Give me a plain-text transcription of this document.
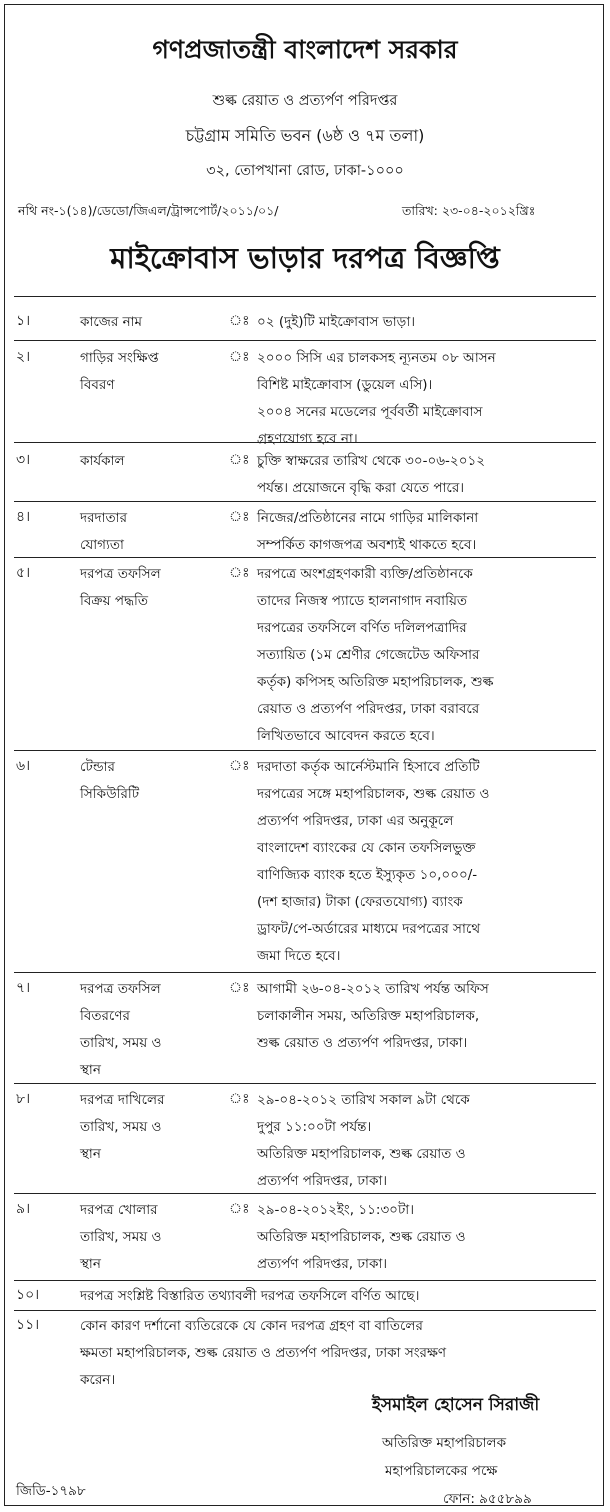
গণপ্রজাতন্ত্রী বাংলাদেশ সরকার
শুল্ক রেয়াত ও প্রত্যর্পণ পরিদপ্তর
চট্টগ্রাম সমিতি ভবন (৬ষ্ঠ ও ৭ম তলা)
৩২, তোপখানা রোড, ঢাকা-১০০০
নথি নং-১(১৪)/ডেডো/জিএল/ট্রান্সপোর্ট/২০১১/০১/	তারিখ: ২৩-০৪-২০১২খ্রিঃ
মাইক্রোবাস ভাড়ার দরপত্র বিজ্ঞপ্তি
১।	কাজের নাম	ঃ ০২ (দুই)টি মাইক্রোবাস ভাড়া।
২।	গাড়ির সংক্ষিপ্ত
বিবরণ
ঃ ২০০০ সিসি এর চালকসহ ন্যূনতম ০৮ আসন
বিশিষ্ট মাইক্রোবাস (ডুয়েল এসি)।
২০০৪ সনের মডেলের পূর্ববর্তী মাইক্রোবাস
গ্রহণযোগ্য হবে না।
৩।	কার্যকাল	ঃ চুক্তি স্বাক্ষরের তারিখ থেকে ৩০-০৬-২০১২
পর্যন্ত। প্রয়োজনে বৃদ্ধি করা যেতে পারে।
৪।	দরদাতার
যোগ্যতা
ঃ নিজের/প্রতিষ্ঠানের নামে গাড়ির মালিকানা
সম্পর্কিত কাগজপত্র অবশ্যই থাকতে হবে।
৫।	দরপত্র তফসিল
বিক্রয় পদ্ধতি
ঃ দরপত্রে অংশগ্রহণকারী ব্যক্তি/প্রতিষ্ঠানকে
তাদের নিজস্ব প্যাডে হালনাগাদ নবায়িত
দরপত্রের তফসিলে বর্ণিত দলিলপত্রাদির
সত্যায়িত (১ম শ্রেণীর গেজেটেড অফিসার
কর্তৃক) কপিসহ অতিরিক্ত মহাপরিচালক, শুল্ক
রেয়াত ও প্রত্যর্পণ পরিদপ্তর, ঢাকা বরাবরে
লিখিতভাবে আবেদন করতে হবে।
৬।	টেন্ডার
সিকিউরিটি
ঃ দরদাতা কর্তৃক আর্নেস্টমানি হিসাবে প্রতিটি
দরপত্রের সঙ্গে মহাপরিচালক, শুল্ক রেয়াত ও
প্রত্যর্পণ পরিদপ্তর, ঢাকা এর অনুকূলে
বাংলাদেশ ব্যাংকের যে কোন তফসিলভুক্ত
বাণিজ্যিক ব্যাংক হতে ইস্যুকৃত ১০,০০০/-
(দশ হাজার) টাকা (ফেরতযোগ্য) ব্যাংক
ড্রাফট/পে-অর্ডারের মাধ্যমে দরপত্রের সাথে
জমা দিতে হবে।
৭।	দরপত্র তফসিল
বিতরণের
তারিখ, সময় ও
স্থান
ঃ আগামী ২৬-০৪-২০১২ তারিখ পর্যন্ত অফিস
চলাকালীন সময়, অতিরিক্ত মহাপরিচালক,
শুল্ক রেয়াত ও প্রত্যর্পণ পরিদপ্তর, ঢাকা।
৮।	দরপত্র দাখিলের
তারিখ, সময় ও
স্থান
ঃ ২৯-০৪-২০১২ তারিখ সকাল ৯টা থেকে
দুপুর ১১:০০টা পর্যন্ত।
অতিরিক্ত মহাপরিচালক, শুল্ক রেয়াত ও
প্রত্যর্পণ পরিদপ্তর, ঢাকা।
৯।	দরপত্র খোলার
তারিখ, সময় ও
স্থান
ঃ ২৯-০৪-২০১২ইং, ১১:৩০টা।
অতিরিক্ত মহাপরিচালক, শুল্ক রেয়াত ও
প্রত্যর্পণ পরিদপ্তর, ঢাকা।
১০।	দরপত্র সংশ্লিষ্ট বিস্তারিত তথ্যাবলী দরপত্র তফসিলে বর্ণিত আছে।
১১।	কোন কারণ দর্শানো ব্যতিরেকে যে কোন দরপত্র গ্রহণ বা বাতিলের
ক্ষমতা মহাপরিচালক, শুল্ক রেয়াত ও প্রত্যর্পণ পরিদপ্তর, ঢাকা সংরক্ষণ
করেন।
ইসমাইল হোসেন সিরাজী
অতিরিক্ত মহাপরিচালক
মহাপরিচালকের পক্ষে
ফোন: ৯৫৫৮৯৯
জিডি-১৭৯৮
